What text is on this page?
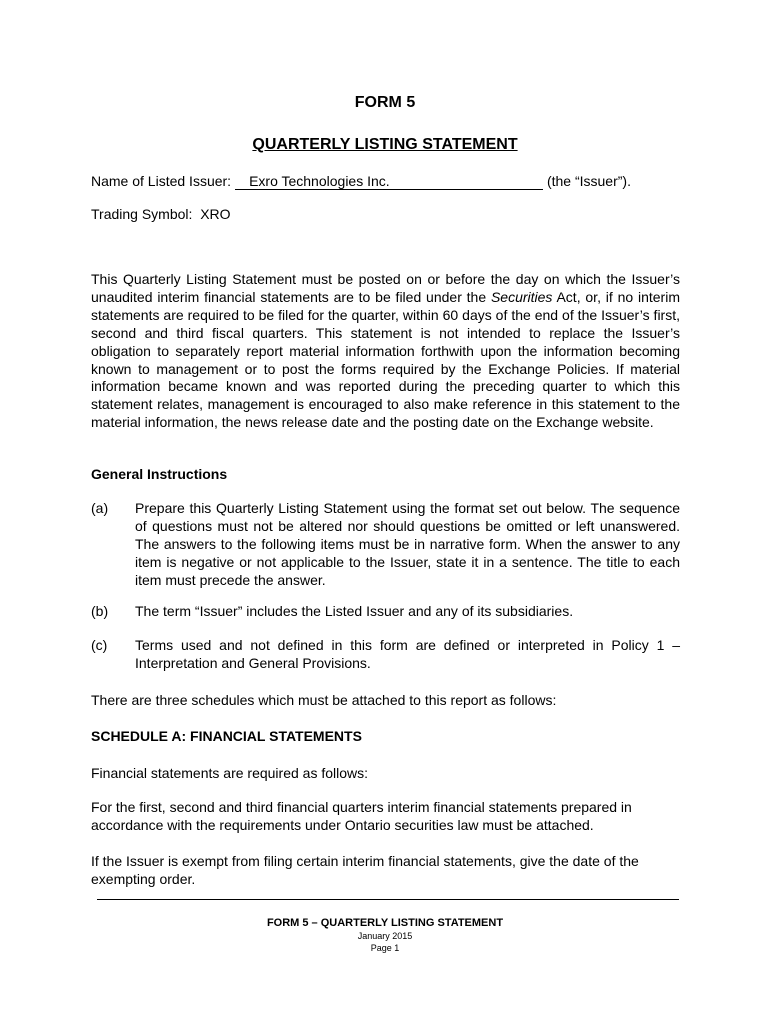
FORM 5
QUARTERLY LISTING STATEMENT
Name of Listed Issuer: Exro Technologies Inc.	(the “Issuer”).
Trading Symbol: XRO
This Quarterly Listing Statement must be posted on or before the day on which the Issuer’s unaudited interim financial statements are to be filed under the Securities Act, or, if no interim statements are required to be filed for the quarter, within 60 days of the end of the Issuer’s first, second and third fiscal quarters. This statement is not intended to replace the Issuer’s obligation to separately report material information forthwith upon the information becoming known to management or to post the forms required by the Exchange Policies. If material information became known and was reported during the preceding quarter to which this statement relates, management is encouraged to also make reference in this statement to the material information, the news release date and the posting date on the Exchange website.
General Instructions
(a)	Prepare this Quarterly Listing Statement using the format set out below. The sequence of questions must not be altered nor should questions be omitted or left unanswered. The answers to the following items must be in narrative form. When the answer to any item is negative or not applicable to the Issuer, state it in a sentence. The title to each item must precede the answer.
(b)	The term “Issuer” includes the Listed Issuer and any of its subsidiaries.
(c)	Terms used and not defined in this form are defined or interpreted in Policy 1 – Interpretation and General Provisions.
There are three schedules which must be attached to this report as follows:
SCHEDULE A: FINANCIAL STATEMENTS
Financial statements are required as follows:
For the first, second and third financial quarters interim financial statements prepared in accordance with the requirements under Ontario securities law must be attached.
If the Issuer is exempt from filing certain interim financial statements, give the date of the exempting order.
FORM 5 – QUARTERLY LISTING STATEMENT
January 2015
Page 1
